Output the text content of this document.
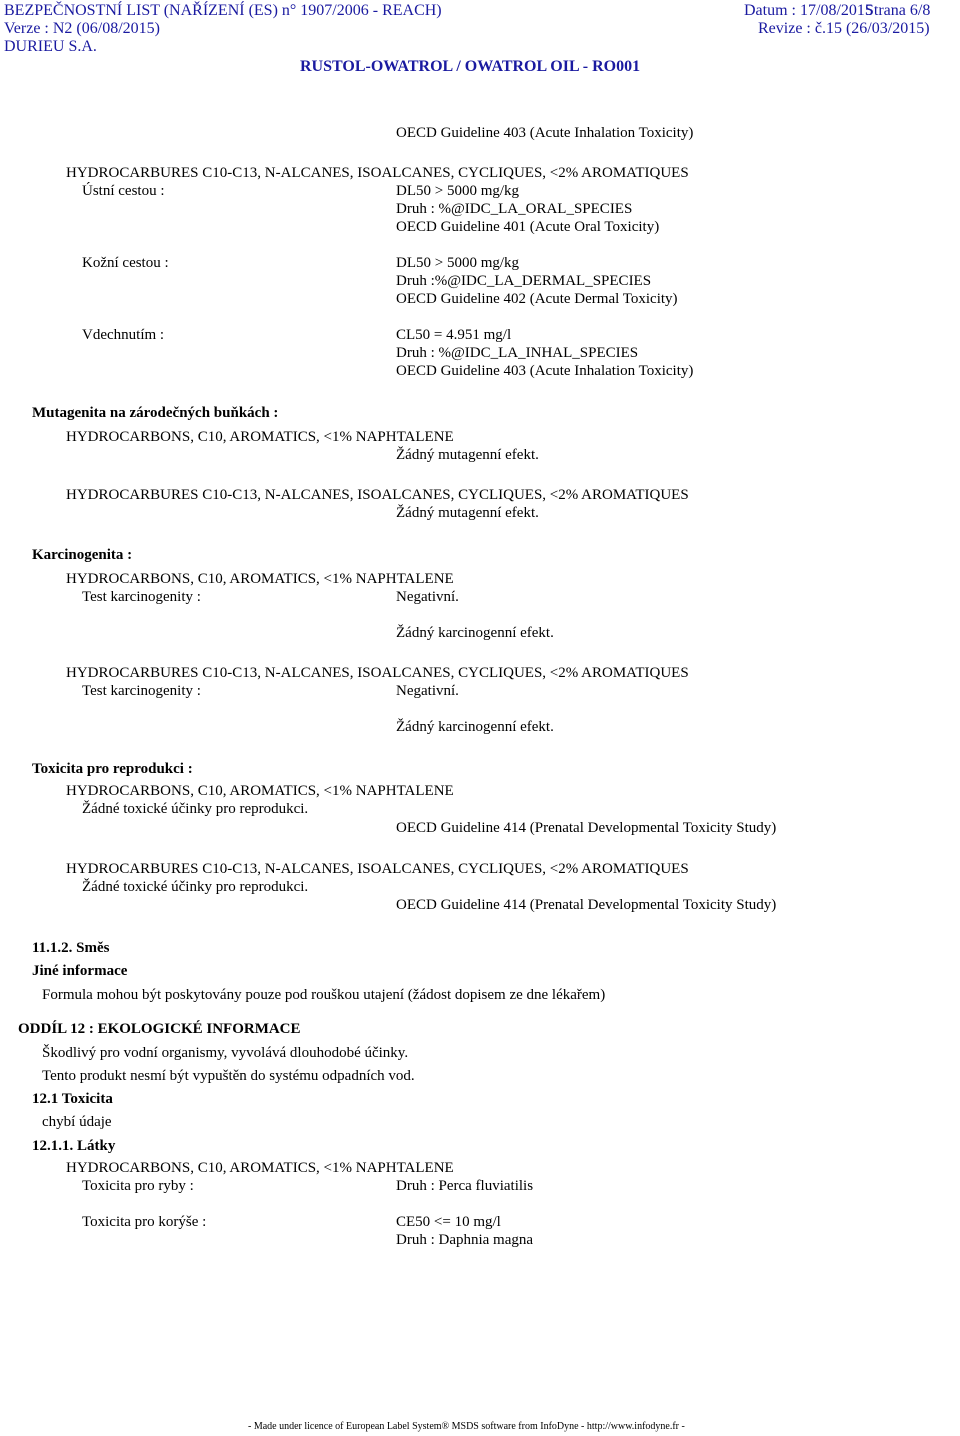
BEZPEČNOSTNÍ LIST (NAŘÍZENÍ (ES) n° 1907/2006 - REACH)	Datum : 17/08/2015
Strana 6/8
Verze : N2 (06/08/2015)	Revize : č.15 (26/03/2015)
DURIEU S.A.
RUSTOL-OWATROL / OWATROL OIL - RO001
OECD Guideline 403 (Acute Inhalation Toxicity)
HYDROCARBURES C10-C13, N-ALCANES, ISOALCANES, CYCLIQUES, <2% AROMATIQUES
Ústní cestou :	DL50 > 5000 mg/kg
Druh : %@IDC_LA_ORAL_SPECIES
OECD Guideline 401 (Acute Oral Toxicity)
Kožní cestou :	DL50 > 5000 mg/kg
Druh :%@IDC_LA_DERMAL_SPECIES
OECD Guideline 402 (Acute Dermal Toxicity)
Vdechnutím :	CL50 = 4.951 mg/l
Druh : %@IDC_LA_INHAL_SPECIES
OECD Guideline 403 (Acute Inhalation Toxicity)
Mutagenita na zárodečných buňkách :
HYDROCARBONS, C10, AROMATICS, <1% NAPHTALENE
Žádný mutagenní efekt.
HYDROCARBURES C10-C13, N-ALCANES, ISOALCANES, CYCLIQUES, <2% AROMATIQUES
Žádný mutagenní efekt.
Karcinogenita :
HYDROCARBONS, C10, AROMATICS, <1% NAPHTALENE
Test karcinogenity :	Negativní.
Žádný karcinogenní efekt.
HYDROCARBURES C10-C13, N-ALCANES, ISOALCANES, CYCLIQUES, <2% AROMATIQUES
Test karcinogenity :	Negativní.
Žádný karcinogenní efekt.
Toxicita pro reprodukci :
HYDROCARBONS, C10, AROMATICS, <1% NAPHTALENE
Žádné toxické účinky pro reprodukci.
OECD Guideline 414 (Prenatal Developmental Toxicity Study)
HYDROCARBURES C10-C13, N-ALCANES, ISOALCANES, CYCLIQUES, <2% AROMATIQUES
Žádné toxické účinky pro reprodukci.
OECD Guideline 414 (Prenatal Developmental Toxicity Study)
11.1.2. Směs
Jiné informace
Formula mohou být poskytovány pouze pod rouškou utajení (žádost dopisem ze dne lékařem)
ODDÍL 12 : EKOLOGICKÉ INFORMACE
Škodlivý pro vodní organismy, vyvolává dlouhodobé účinky.
Tento produkt nesmí být vypuštěn do systému odpadních vod.
12.1 Toxicita
chybí údaje
12.1.1. Látky
HYDROCARBONS, C10, AROMATICS, <1% NAPHTALENE
Toxicita pro ryby :	Druh : Perca fluviatilis
Toxicita pro korýše :	CE50 <= 10 mg/l
Druh : Daphnia magna
- Made under licence of European Label System® MSDS software from InfoDyne - http://www.infodyne.fr -
